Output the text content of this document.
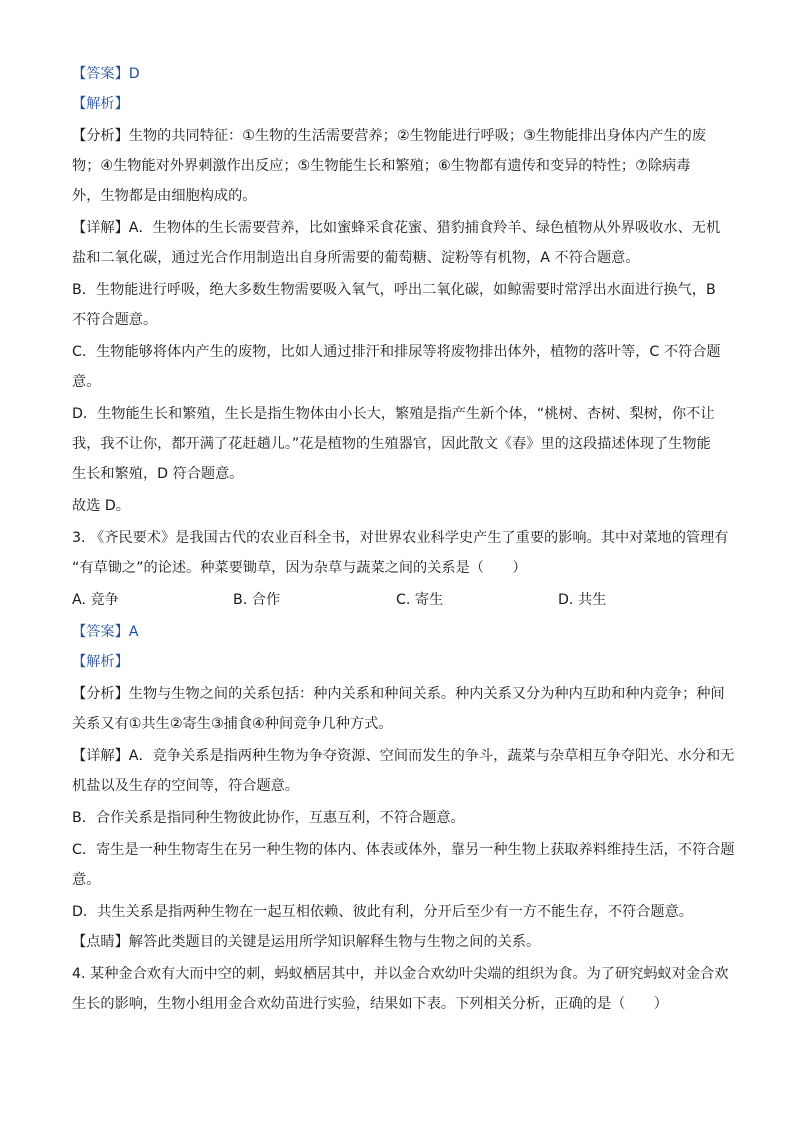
【答案】D
【解析】
【分析】生物的共同特征：①生物的生活需要营养；②生物能进行呼吸；③生物能排出身体内产生的废
物；④生物能对外界刺激作出反应；⑤生物能生长和繁殖；⑥生物都有遗传和变异的特性；⑦除病毒
外，生物都是由细胞构成的。
【详解】A．生物体的生长需要营养，比如蜜蜂采食花蜜、猎豹捕食羚羊、绿色植物从外界吸收水、无机
盐和二氧化碳，通过光合作用制造出自身所需要的葡萄糖、淀粉等有机物，A 不符合题意。
B．生物能进行呼吸，绝大多数生物需要吸入氧气，呼出二氧化碳，如鲸需要时常浮出水面进行换气，B
不符合题意。
C．生物能够将体内产生的废物，比如人通过排汗和排尿等将废物排出体外，植物的落叶等，C 不符合题
意。
D．生物能生长和繁殖，生长是指生物体由小长大，繁殖是指产生新个体，“桃树、杏树、梨树，你不让
我，我不让你，都开满了花赶趟儿。”花是植物的生殖器官，因此散文《春》里的这段描述体现了生物能
生长和繁殖，D 符合题意。
故选 D。
3. 《齐民要术》是我国古代的农业百科全书，对世界农业科学史产生了重要的影响。其中对菜地的管理有
“有草锄之”的论述。种菜要锄草，因为杂草与蔬菜之间的关系是（　　）
A. 竞争	B. 合作	C. 寄生	D. 共生
【答案】A
【解析】
【分析】生物与生物之间的关系包括：种内关系和种间关系。种内关系又分为种内互助和种内竞争；种间
关系又有①共生②寄生③捕食④种间竞争几种方式。
【详解】A．竞争关系是指两种生物为争夺资源、空间而发生的争斗，蔬菜与杂草相互争夺阳光、水分和无
机盐以及生存的空间等，符合题意。
B．合作关系是指同种生物彼此协作，互惠互利，不符合题意。
C．寄生是一种生物寄生在另一种生物的体内、体表或体外，靠另一种生物上获取养料维持生活，不符合题
意。
D．共生关系是指两种生物在一起互相依赖、彼此有利，分开后至少有一方不能生存，不符合题意。
【点睛】解答此类题目的关键是运用所学知识解释生物与生物之间的关系。
4. 某种金合欢有大而中空的刺，蚂蚁栖居其中，并以金合欢幼叶尖端的组织为食。为了研究蚂蚁对金合欢
生长的影响，生物小组用金合欢幼苗进行实验，结果如下表。下列相关分析，正确的是（　　）
